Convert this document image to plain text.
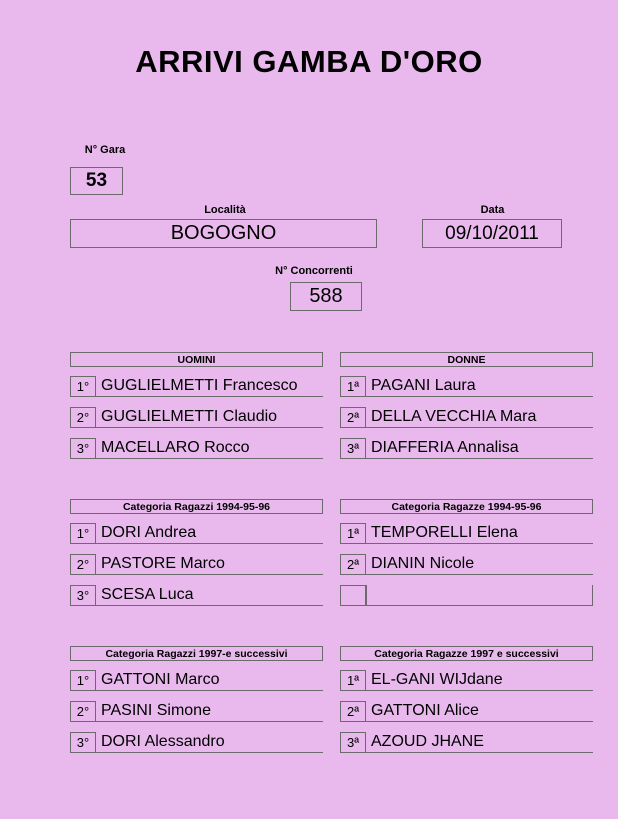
ARRIVI GAMBA D'ORO
N° Gara
53
Località
BOGOGNO
Data
09/10/2011
N° Concorrenti
588
UOMINI
1° GUGLIELMETTI Francesco
2° GUGLIELMETTI Claudio
3° MACELLARO Rocco
DONNE
1ª PAGANI Laura
2ª DELLA VECCHIA Mara
3ª DIAFFERIA Annalisa
Categoria Ragazzi 1994-95-96
1° DORI Andrea
2° PASTORE Marco
3° SCESA Luca
Categoria Ragazze 1994-95-96
1ª TEMPORELLI Elena
2ª DIANIN Nicole
Categoria Ragazzi 1997-e successivi
1° GATTONI Marco
2° PASINI Simone
3° DORI Alessandro
Categoria Ragazze 1997 e successivi
1ª EL-GANI WIJdane
2ª GATTONI Alice
3ª AZOUD JHANE
